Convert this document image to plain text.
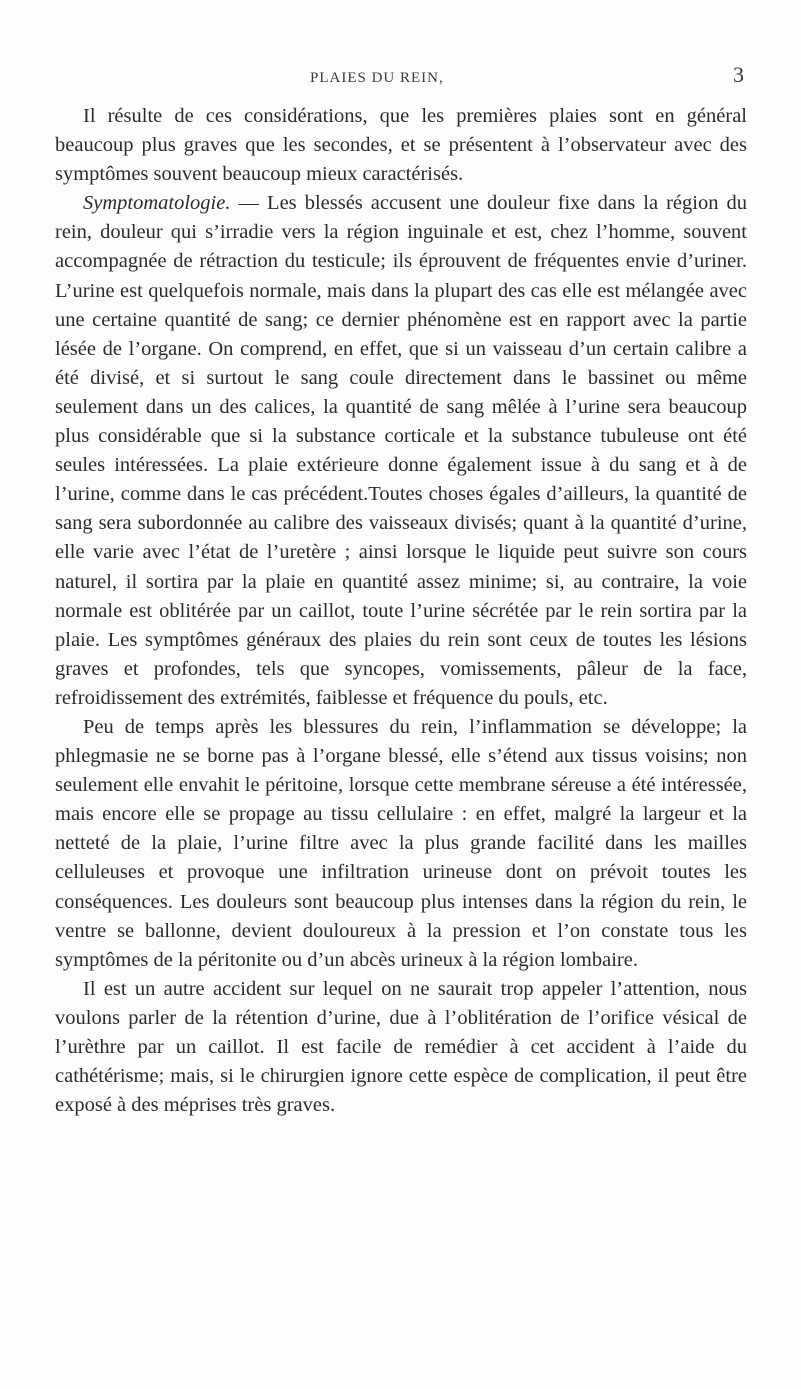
PLAIES DU REIN,	3

Il résulte de ces considérations, que les premières plaies sont en général beaucoup plus graves que les secondes, et se présentent à l’observateur avec des symptômes souvent beaucoup mieux caractérisés.

Symptomatologie. — Les blessés accusent une douleur fixe dans la région du rein, douleur qui s’irradie vers la région inguinale et est, chez l’homme, souvent accompagnée de rétraction du testicule; ils éprouvent de fréquentes envie d’uriner. L’urine est quelquefois normale, mais dans la plupart des cas elle est mélangée avec une certaine quantité de sang; ce dernier phénomène est en rapport avec la partie lésée de l’organe. On comprend, en effet, que si un vaisseau d’un certain calibre a été divisé, et si surtout le sang coule directement dans le bassinet ou même seulement dans un des calices, la quantité de sang mêlée à l’urine sera beaucoup plus considérable que si la substance corticale et la substance tubuleuse ont été seules intéressées. La plaie extérieure donne également issue à du sang et à de l’urine, comme dans le cas précédent.Toutes choses égales d’ailleurs, la quantité de sang sera subordonnée au calibre des vaisseaux divisés; quant à la quantité d’urine, elle varie avec l’état de l’uretère ; ainsi lorsque le liquide peut suivre son cours naturel, il sortira par la plaie en quantité assez minime; si, au contraire, la voie normale est oblitérée par un caillot, toute l’urine sécrétée par le rein sortira par la plaie. Les symptômes généraux des plaies du rein sont ceux de toutes les lésions graves et profondes, tels que syncopes, vomissements, pâleur de la face, refroidissement des extrémités, faiblesse et fréquence du pouls, etc.

Peu de temps après les blessures du rein, l’inflammation se développe; la phlegmasie ne se borne pas à l’organe blessé, elle s’étend aux tissus voisins; non seulement elle envahit le péritoine, lorsque cette membrane séreuse a été intéressée, mais encore elle se propage au tissu cellulaire : en effet, malgré la largeur et la netteté de la plaie, l’urine filtre avec la plus grande facilité dans les mailles celluleuses et provoque une infiltration urineuse dont on prévoit toutes les conséquences. Les douleurs sont beaucoup plus intenses dans la région du rein, le ventre se ballonne, devient douloureux à la pression et l’on constate tous les symptômes de la péritonite ou d’un abcès urineux à la région lombaire.

Il est un autre accident sur lequel on ne saurait trop appeler l’attention, nous voulons parler de la rétention d’urine, due à l’oblitération de l’orifice vésical de l’urèthre par un caillot. Il est facile de remédier à cet accident à l’aide du cathétérisme; mais, si le chirurgien ignore cette espèce de complication, il peut être exposé à des méprises très graves.
